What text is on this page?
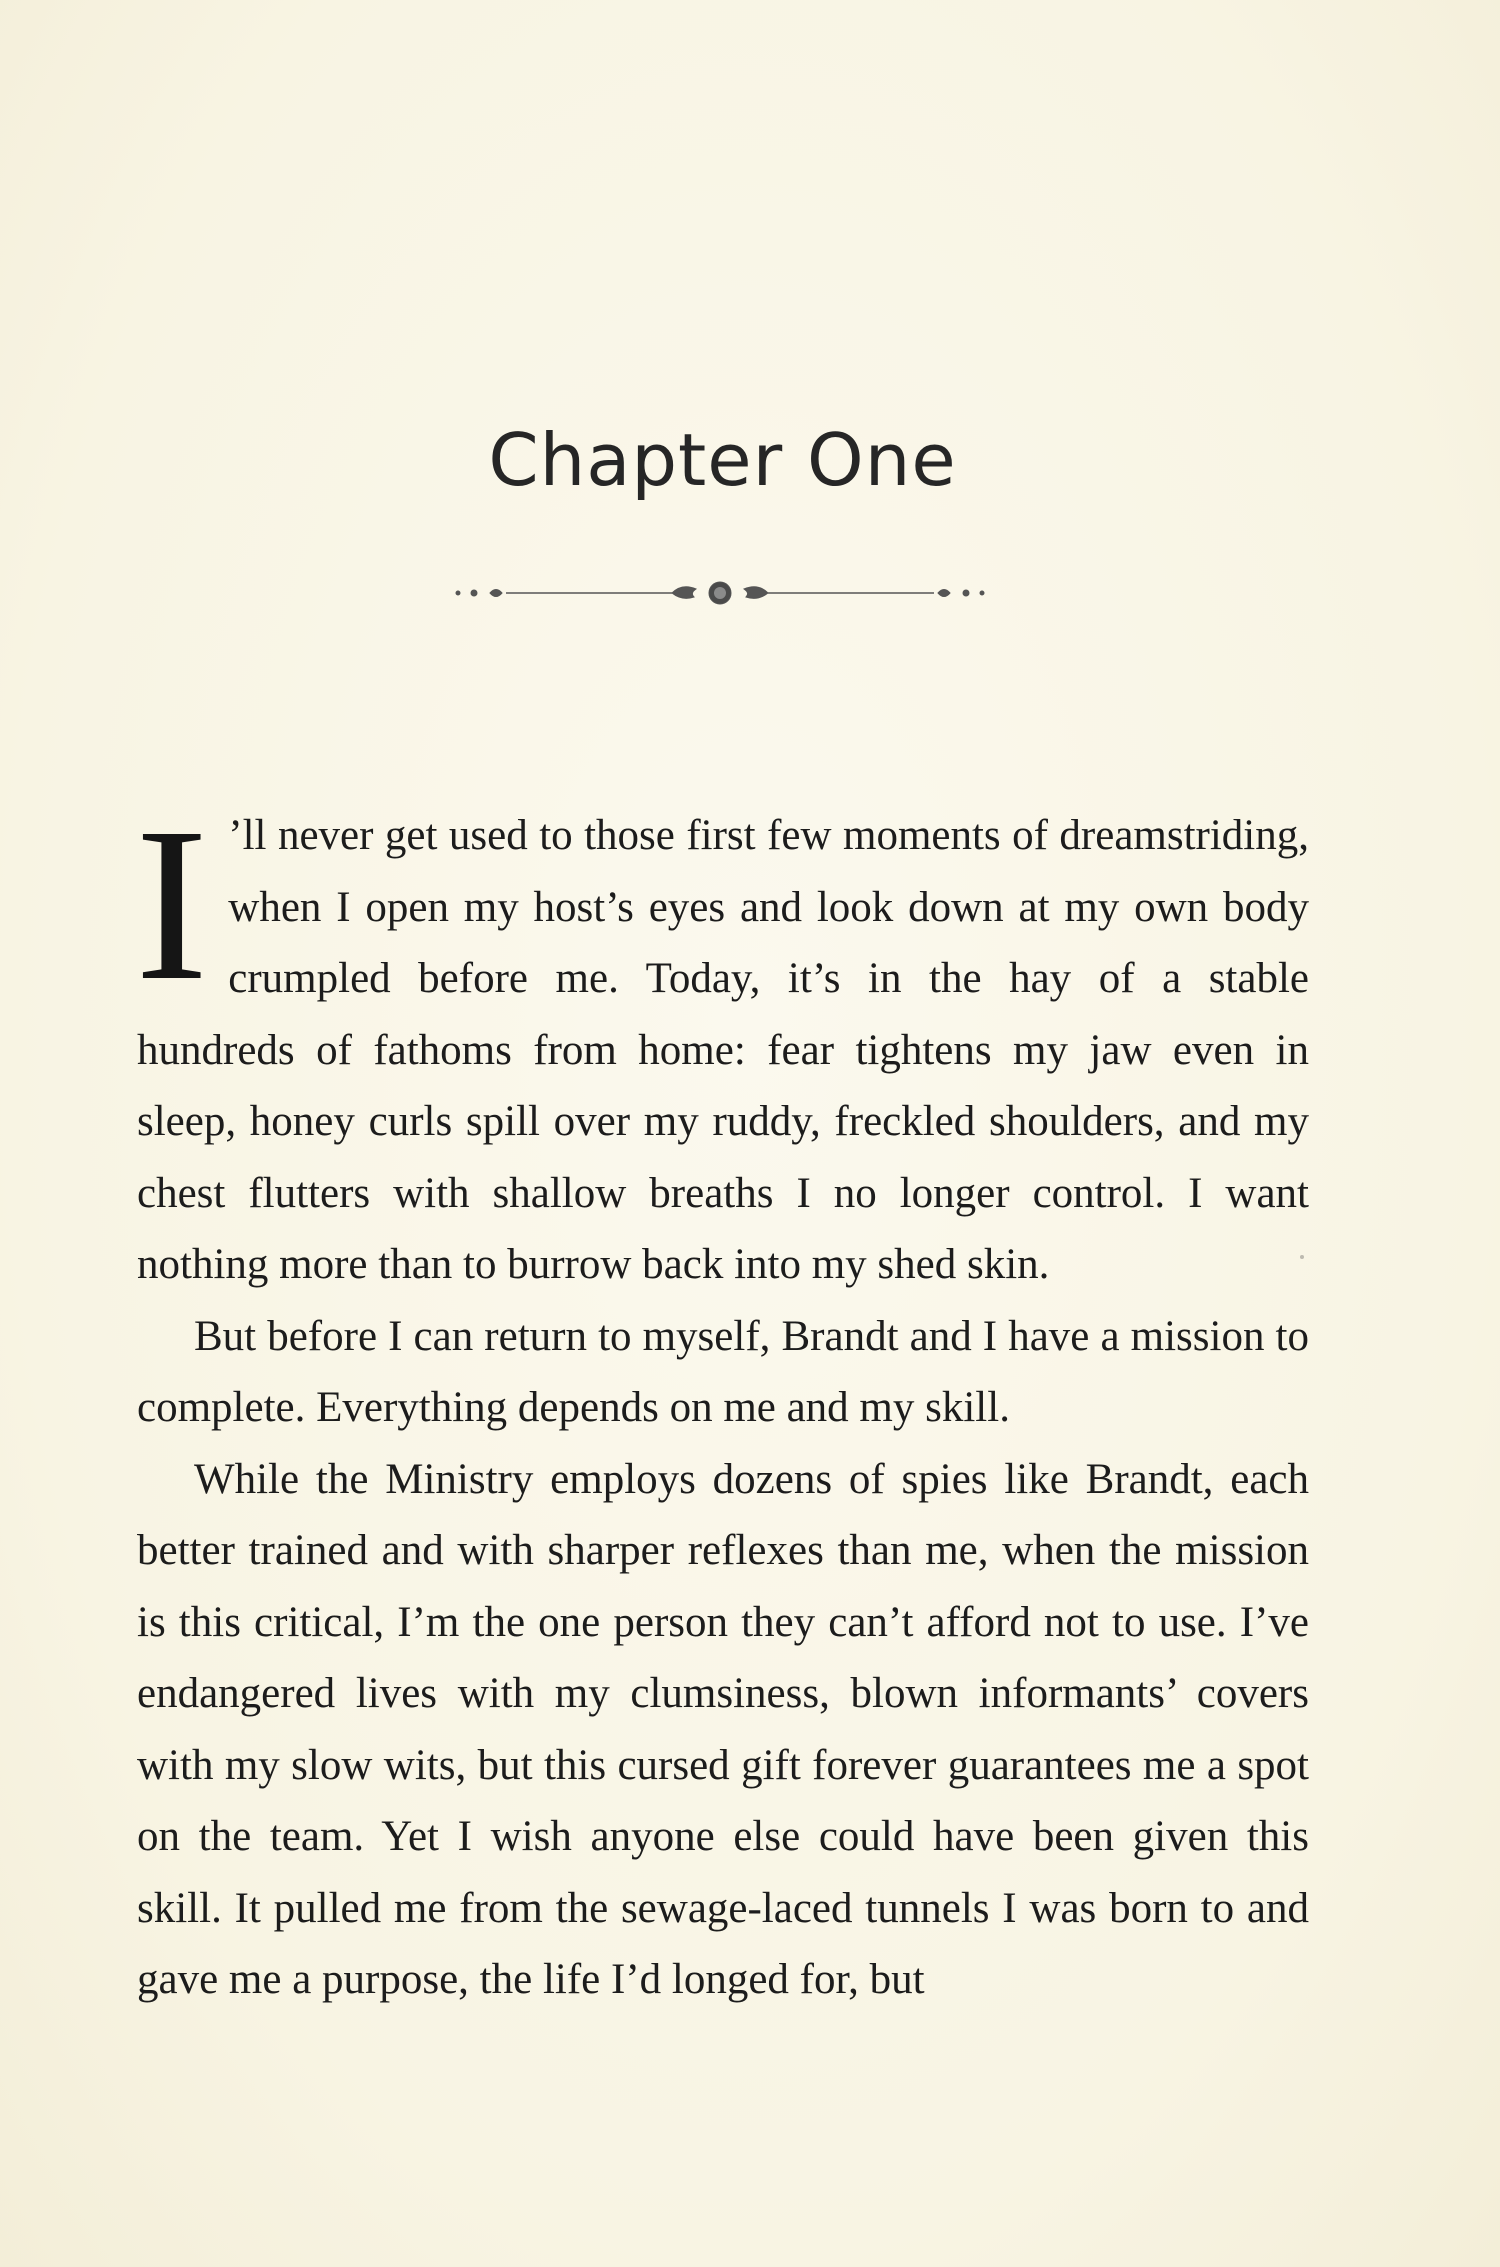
Chapter One

I ’ll never get used to those first few moments of dreamstriding, when I open my host’s eyes and look down at my own body crumpled before me. Today, it’s in the hay of a stable hundreds of fathoms from home: fear tightens my jaw even in sleep, honey curls spill over my ruddy, freckled shoulders, and my chest flutters with shallow breaths I no longer control. I want nothing more than to burrow back into my shed skin.

But before I can return to myself, Brandt and I have a mission to complete. Everything depends on me and my skill.

While the Ministry employs dozens of spies like Brandt, each better trained and with sharper reflexes than me, when the mission is this critical, I’m the one person they can’t afford not to use. I’ve endangered lives with my clumsiness, blown informants’ covers with my slow wits, but this cursed gift forever guarantees me a spot on the team. Yet I wish anyone else could have been given this skill. It pulled me from the sewage-laced tunnels I was born to and gave me a purpose, the life I’d longed for, but
